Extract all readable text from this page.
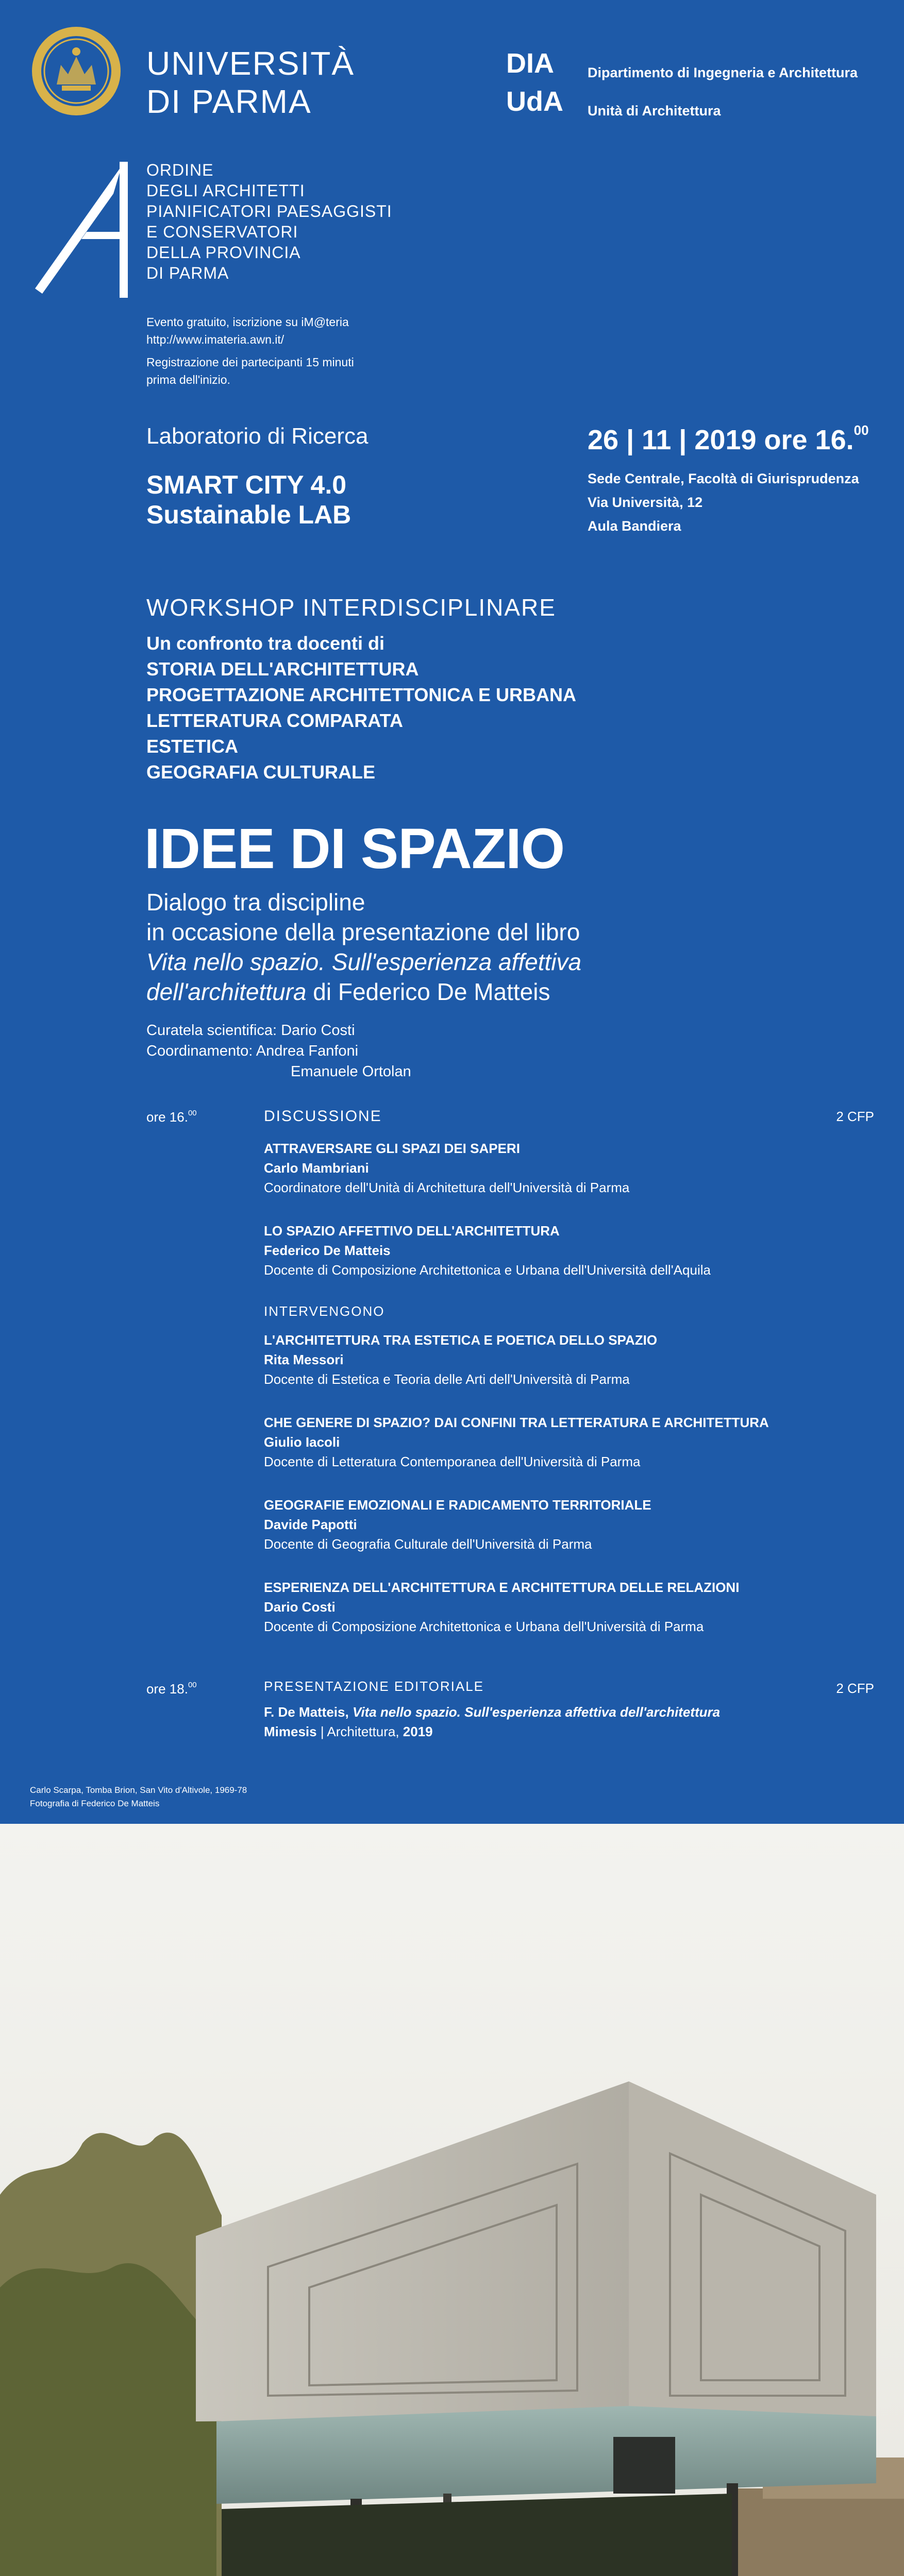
UNIVERSITÀ
DI PARMA
DIA
UdA
Dipartimento di Ingegneria e Architettura
Unità di Architettura
ORDINE
DEGLI ARCHITETTI
PIANIFICATORI PAESAGGISTI
E CONSERVATORI
DELLA PROVINCIA
DI PARMA
Evento gratuito, iscrizione su iM@teria
http://www.imateria.awn.it/
Registrazione dei partecipanti 15 minuti
prima dell'inizio.
Laboratorio di Ricerca
SMART CITY 4.0
Sustainable LAB
26 | 11 | 2019 ore 16.00
Sede Centrale, Facoltà di Giurisprudenza
Via Università, 12
Aula Bandiera
WORKSHOP INTERDISCIPLINARE
Un confronto tra docenti di
STORIA DELL'ARCHITETTURA
PROGETTAZIONE ARCHITETTONICA E URBANA
LETTERATURA COMPARATA
ESTETICA
GEOGRAFIA CULTURALE
IDEE DI SPAZIO
Dialogo tra discipline
in occasione della presentazione del libro
Vita nello spazio. Sull'esperienza affettiva
dell'architettura di Federico De Matteis
Curatela scientifica: Dario Costi
Coordinamento: Andrea Fanfoni
Emanuele Ortolan
ore 16.00	DISCUSSIONE	2 CFP
ATTRAVERSARE GLI SPAZI DEI SAPERI
Carlo Mambriani
Coordinatore dell'Unità di Architettura dell'Università di Parma
LO SPAZIO AFFETTIVO DELL'ARCHITETTURA
Federico De Matteis
Docente di Composizione Architettonica e Urbana dell'Università dell'Aquila
INTERVENGONO
L'ARCHITETTURA TRA ESTETICA E POETICA DELLO SPAZIO
Rita Messori
Docente di Estetica e Teoria delle Arti dell'Università di Parma
CHE GENERE DI SPAZIO? DAI CONFINI TRA LETTERATURA E ARCHITETTURA
Giulio Iacoli
Docente di Letteratura Contemporanea dell'Università di Parma
GEOGRAFIE EMOZIONALI E RADICAMENTO TERRITORIALE
Davide Papotti
Docente di Geografia Culturale dell'Università di Parma
ESPERIENZA DELL'ARCHITETTURA E ARCHITETTURA DELLE RELAZIONI
Dario Costi
Docente di Composizione Architettonica e Urbana dell'Università di Parma
ore 18.00	PRESENTAZIONE EDITORIALE	2 CFP
F. De Matteis, Vita nello spazio. Sull'esperienza affettiva dell'architettura
Mimesis | Architettura, 2019
Carlo Scarpa, Tomba Brion, San Vito d'Altivole, 1969-78
Fotografia di Federico De Matteis
